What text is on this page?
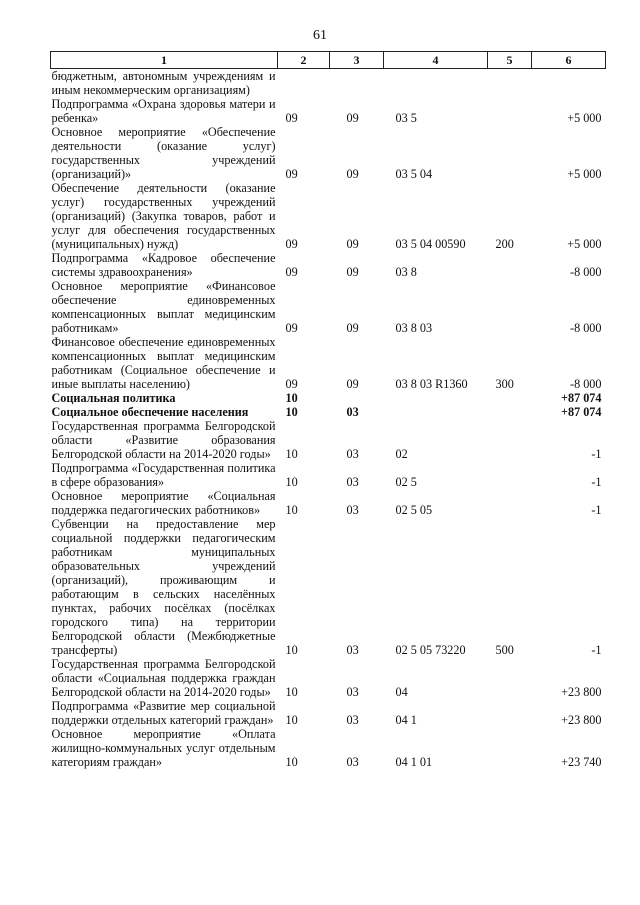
61
1	2	3	4	5	6
бюджетным, автономным учреждениям и иным некоммерческим организациям)					
Подпрограмма «Охрана здоровья матери и ребенка»	09	09	03 5		+5 000
Основное мероприятие «Обеспечение деятельности (оказание услуг) государственных учреждений (организаций)»	09	09	03 5 04		+5 000
Обеспечение деятельности (оказание услуг) государственных учреждений (организаций) (Закупка товаров, работ и услуг для обеспечения государственных (муниципальных) нужд)	09	09	03 5 04 00590	200	+5 000
Подпрограмма «Кадровое обеспечение системы здравоохранения»	09	09	03 8		-8 000
Основное мероприятие «Финансовое обеспечение единовременных компенсационных выплат медицинским работникам»	09	09	03 8 03		-8 000
Финансовое обеспечение единовременных компенсационных выплат медицинским работникам (Социальное обеспечение и иные выплаты населению)	09	09	03 8 03 R1360	300	-8 000
Социальная политика	10				+87 074
Социальное обеспечение населения	10	03			+87 074
Государственная программа Белгородской области «Развитие образования Белгородской области на 2014-2020 годы»	10	03	02		-1
Подпрограмма «Государственная политика в сфере образования»	10	03	02 5		-1
Основное мероприятие «Социальная поддержка педагогических работников»	10	03	02 5 05		-1
Субвенции на предоставление мер социальной поддержки педагогическим работникам муниципальных образовательных учреждений (организаций), проживающим и работающим в сельских населённых пунктах, рабочих посёлках (посёлках городского типа) на территории Белгородской области (Межбюджетные трансферты)	10	03	02 5 05 73220	500	-1
Государственная программа Белгородской области «Социальная поддержка граждан Белгородской области на 2014-2020 годы»	10	03	04		+23 800
Подпрограмма «Развитие мер социальной поддержки отдельных категорий граждан»	10	03	04 1		+23 800
Основное мероприятие «Оплата жилищно-коммунальных услуг отдельным категориям граждан»	10	03	04 1 01		+23 740
